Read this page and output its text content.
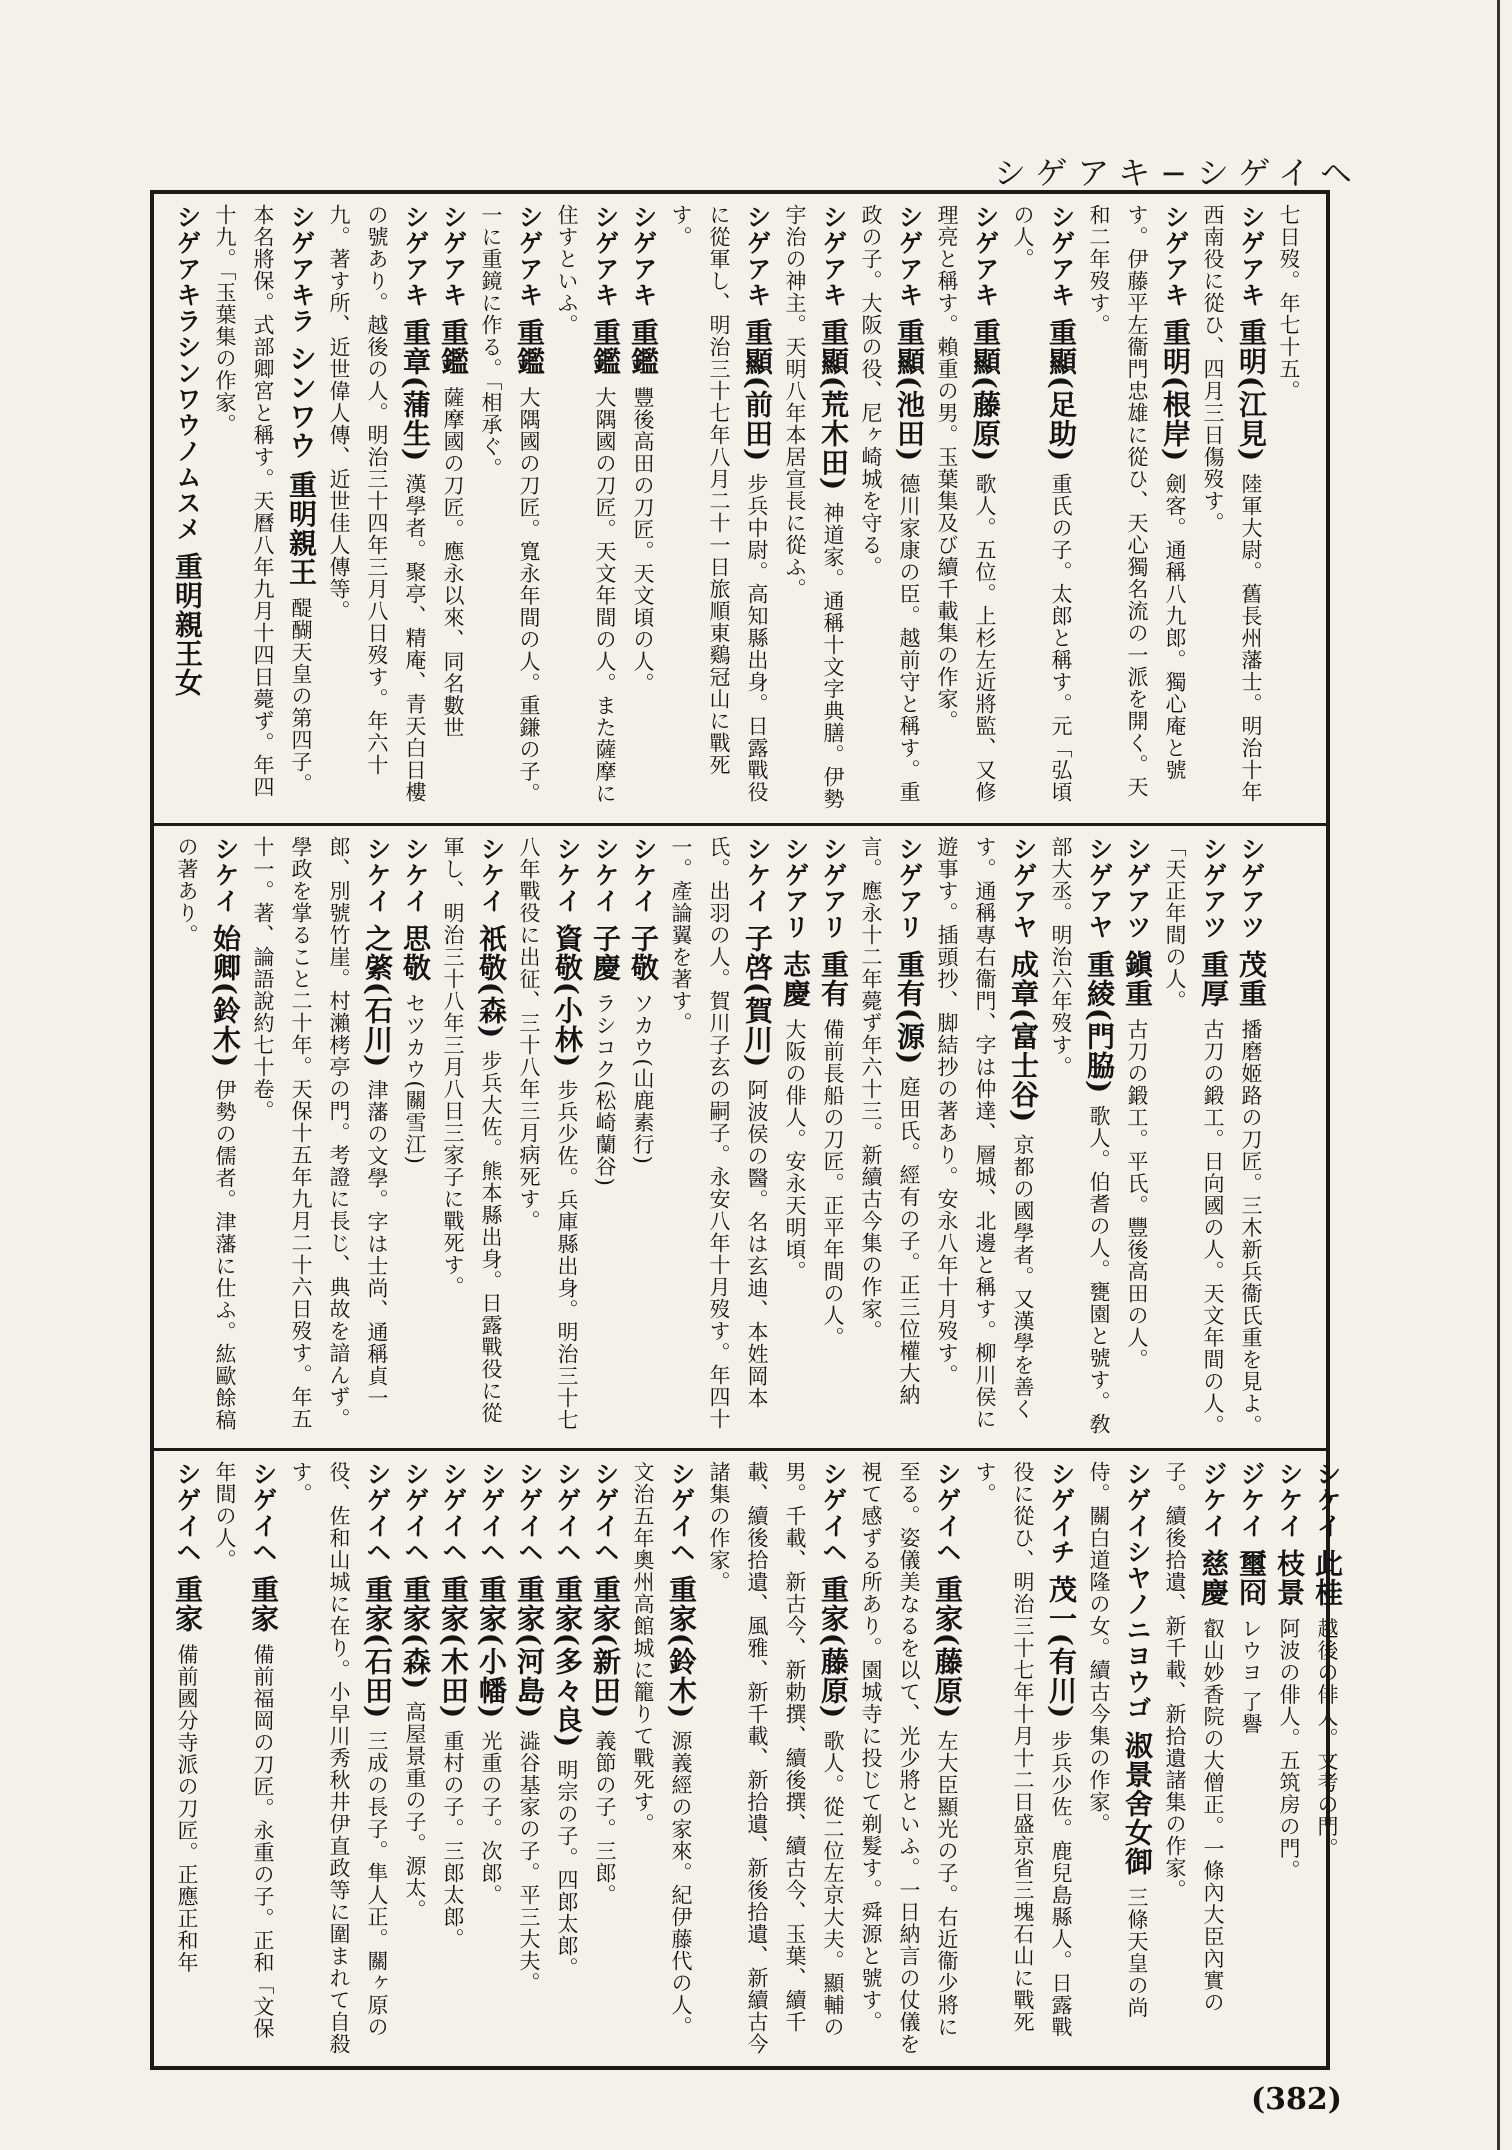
シゲアキ−シゲイヘ

七日歿。年七十五。

シゲアキ 重明(江見) 陸軍大尉。舊長州藩士。明治十年西南役に從ひ、四月三日傷歿す。

シゲアキ 重明(根岸) 劍客。通稱八九郎。獨心庵と號す。伊藤平左衞門忠雄に從ひ、天心獨名流の一派を開く。天和二年歿す。

シゲアキ 重顯(足助) 重氏の子。太郎と稱す。元「弘頃の人。

シゲアキ 重顯(藤原) 歌人。五位。上杉左近將監、又修理亮と稱す。賴重の男。玉葉集及び續千載集の作家。

シゲアキ 重顯(池田) 德川家康の臣。越前守と稱す。重政の子。大阪の役、尼ヶ崎城を守る。

シゲアキ 重顯(荒木田) 神道家。通稱十文字典膳。伊勢宇治の神主。天明八年本居宣長に從ふ。

シゲアキ 重顯(前田) 步兵中尉。高知縣出身。日露戰役に從軍し、明治三十七年八月二十一日旅順東鷄冠山に戰死す。

シゲアキ 重鑑 豐後高田の刀匠。天文頃の人。

シゲアキ 重鑑 大隅國の刀匠。天文年間の人。また薩摩に住すといふ。

シゲアキ 重鑑 大隅國の刀匠。寬永年間の人。重鎌の子。一に重鏡に作る。「相承ぐ。

シゲアキ 重鑑 薩摩國の刀匠。應永以來、同名數世

シゲアキ 重章(蒲生) 漢學者。聚亭、精庵、青天白日樓の號あり。越後の人。明治三十四年三月八日歿す。年六十九。著す所、近世偉人傳、近世佳人傳等。

シゲアキラ シンワウ 重明親王 醍醐天皇の第四子。本名將保。式部卿宮と稱す。天曆八年九月十四日薨ず。年四十九。「玉葉集の作家。

シゲアキラシンワウノムスメ 重明親王女

シゲアツ 茂重 播磨姬路の刀匠。三木新兵衞氏重を見よ。

シゲアツ 重厚 古刀の鍛工。日向國の人。天文年間の人。「天正年間の人。

シゲアツ 鎭重 古刀の鍛工。平氏。豐後高田の人。

シゲアヤ 重綾(門脇) 歌人。伯耆の人。甕園と號す。敎部大丞。明治六年歿す。

シゲアヤ 成章(富士谷) 京都の國學者。又漢學を善くす。通稱專右衞門、字は仲達、層城、北邊と稱す。柳川侯に遊事す。插頭抄、脚結抄の著あり。安永八年十月歿す。

シゲアリ 重有(源) 庭田氏。經有の子。正三位權大納言。應永十二年薨ず年六十三。新續古今集の作家。

シゲアリ 重有 備前長船の刀匠。正平年間の人。

シゲアリ 志慶 大阪の俳人。安永天明頃。

シケイ 子啓(賀川) 阿波侯の醫。名は玄迪、本姓岡本氏。出羽の人。賀川子玄の嗣子。永安八年十月歿す。年四十一。產論翼を著す。

シケイ 子敬 ソカウ(山鹿素行)

シケイ 子慶 ラシコク(松崎蘭谷)

シケイ 資敬(小林) 步兵少佐。兵庫縣出身。明治三十七八年戰役に出征、三十八年三月病死す。

シケイ 祇敬(森) 步兵大佐。熊本縣出身。日露戰役に從軍し、明治三十八年三月八日三家子に戰死す。

シケイ 思敬 セツカウ(關雪江)

シケイ 之綮(石川) 津藩の文學。字は士尚、通稱貞一郎、別號竹崖。村瀨栲亭の門。考證に長じ、典故を諳んず。學政を掌ること二十年。天保十五年九月二十六日歿す。年五十一。著、論語說約七十卷。

シケイ 始卿(鈴木) 伊勢の儒者。津藩に仕ふ。紘歐餘稿の著あり。

シケイ 此桂 越後の俳人。文考の門。

シケイ 枝景 阿波の俳人。五筑房の門。

ジケイ 璽冏 レウヨ 了譽

ジケイ 慈慶 叡山妙香院の大僧正。一條內大臣內實の子。續後拾遺、新千載、新拾遺諸集の作家。

シゲイシヤノニヨウゴ 淑景舍女御 三條天皇の尚侍。關白道隆の女。續古今集の作家。

シゲイチ 茂一(有川) 步兵少佐。鹿兒島縣人。日露戰役に從ひ、明治三十七年十月十二日盛京省三塊石山に戰死す。

シゲイヘ 重家(藤原) 左大臣顯光の子。右近衞少將に至る。姿儀美なるを以て、光少將といふ。一日納言の仗儀を視て感ずる所あり。園城寺に投じて剃髮す。舜源と號す。

シゲイヘ 重家(藤原) 歌人。從二位左京大夫。顯輔の男。千載、新古今、新勅撰、續後撰、續古今、玉葉、續千載、續後拾遺、風雅、新千載、新拾遺、新後拾遺、新續古今諸集の作家。

シゲイヘ 重家(鈴木) 源義經の家來。紀伊藤代の人。文治五年奧州高館城に籠りて戰死す。

シゲイヘ 重家(新田) 義節の子。三郎。

シゲイヘ 重家(多々良) 明宗の子。四郎太郎。

シゲイヘ 重家(河島) 澁谷基家の子。平三大夫。

シゲイヘ 重家(小幡) 光重の子。次郎。

シゲイヘ 重家(木田) 重村の子。三郎太郎。

シゲイヘ 重家(森) 高屋景重の子。源太。

シゲイヘ 重家(石田) 三成の長子。隼人正。關ヶ原の役、佐和山城に在り。小早川秀秋井伊直政等に圍まれて自殺す。

シゲイヘ 重家 備前福岡の刀匠。永重の子。正和「文保年間の人。

シゲイヘ 重家 備前國分寺派の刀匠。正應正和年

(382)
